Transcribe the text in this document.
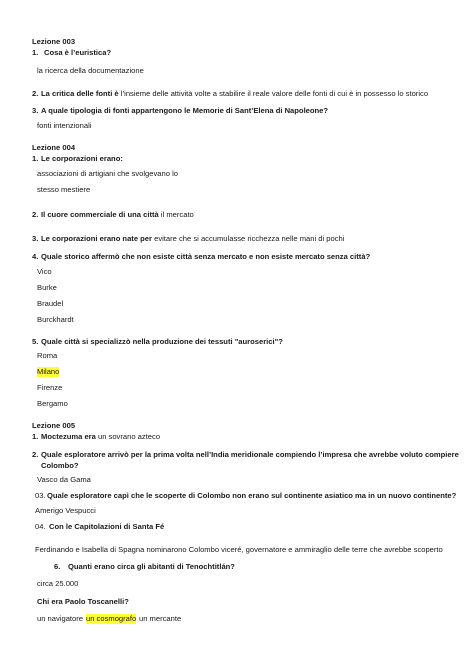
Lezione 003
1. Cosa è l’euristica?
la ricerca della documentazione
2. La critica delle fonti è l’insieme delle attività volte a stabilire il reale valore delle fonti di cui è in possesso lo storico
3. A quale tipologia di fonti appartengono le Memorie di Sant’Elena di Napoleone?
fonti intenzionali
Lezione 004
1. Le corporazioni erano:
associazioni di artigiani che svolgevano lo
stesso mestiere
2. Il cuore commerciale di una città il mercato
3. Le corporazioni erano nate per evitare che si accumulasse ricchezza nelle mani di pochi
4. Quale storico affermò che non esiste città senza mercato e non esiste mercato senza città?
Vico
Burke
Braudel
Burckhardt
5. Quale città si specializzò nella produzione dei tessuti "auroserici"?
Roma
Milano
Firenze
Bergamo
Lezione 005
1. Moctezuma era un sovrano azteco
2. Quale esploratore arrivò per la prima volta nell’India meridionale compiendo l’impresa che avrebbe voluto compiere
Colombo?
Vasco da Gama
03. Quale esploratore capì che le scoperte di Colombo non erano sul continente asiatico ma in un nuovo continente?
Amerigo Vespucci
04. Con le Capitolazioni di Santa Fé
Ferdinando e Isabella di Spagna nominarono Colombo viceré, governatore e ammiraglio delle terre che avrebbe scoperto
6. Quanti erano circa gli abitanti di Tenochtitlán?
circa 25.000
Chi era Paolo Toscanelli?
un navigatore un cosmografo un mercante
